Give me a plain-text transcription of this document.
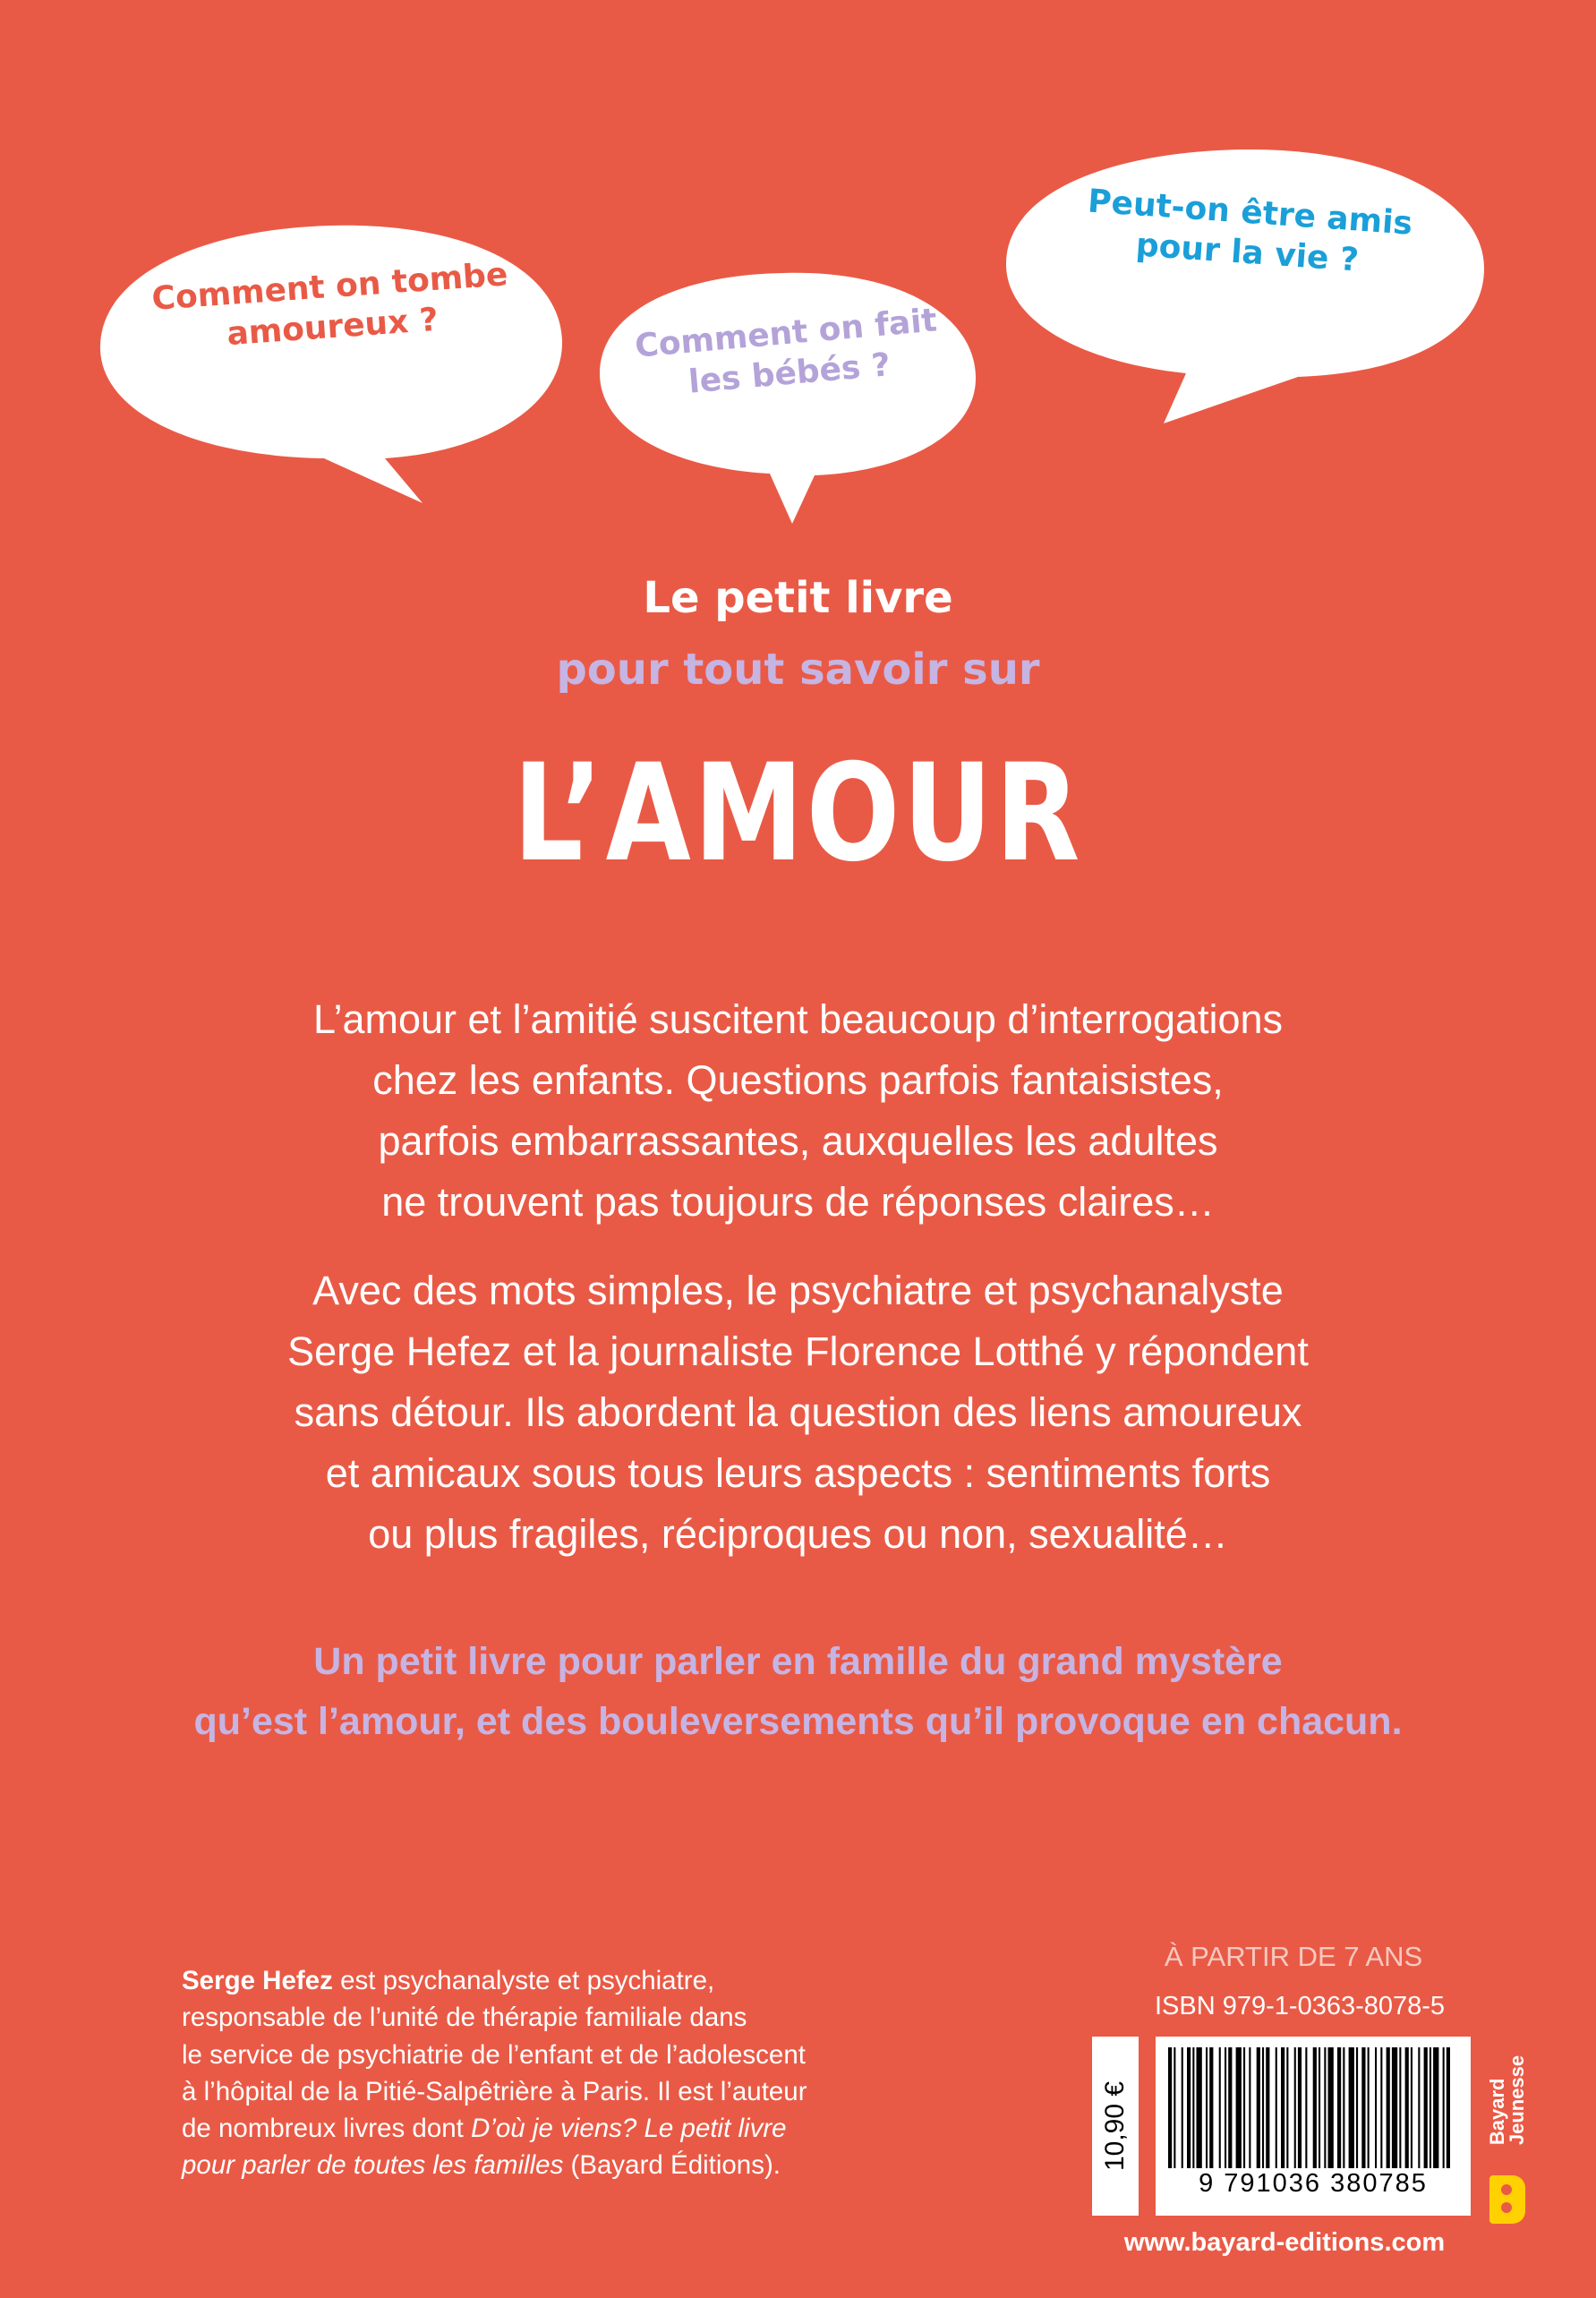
Comment on tombe
amoureux ?	Comment on fait
les bébés ?
Peut-on être amis
pour la vie ?
Le petit livre
pour tout savoir sur
L’AMOUR
L’amour et l’amitié suscitent beaucoup d’interrogations
chez les enfants. Questions parfois fantaisistes,
parfois embarrassantes, auxquelles les adultes
ne trouvent pas toujours de réponses claires…
Avec des mots simples, le psychiatre et psychanalyste
Serge Hefez et la journaliste Florence Lotthé y répondent
sans détour. Ils abordent la question des liens amoureux
et amicaux sous tous leurs aspects : sentiments forts
ou plus fragiles, réciproques ou non, sexualité…
Un petit livre pour parler en famille du grand mystère
qu’est l’amour, et des bouleversements qu’il provoque en chacun.
Serge Hefez est psychanalyste et psychiatre,
responsable de l’unité de thérapie familiale dans
le service de psychiatrie de l’enfant et de l’adolescent
à l’hôpital de la Pitié-Salpêtrière à Paris. Il est l’auteur
de nombreux livres dont D’où je viens? Le petit livre
pour parler de toutes les familles (Bayard Éditions).
À PARTIR DE 7 ANS
ISBN 979-1-0363-8078-5
10,90 €
9 791036 380785
Bayard
Jeunesse
www.bayard-editions.com
